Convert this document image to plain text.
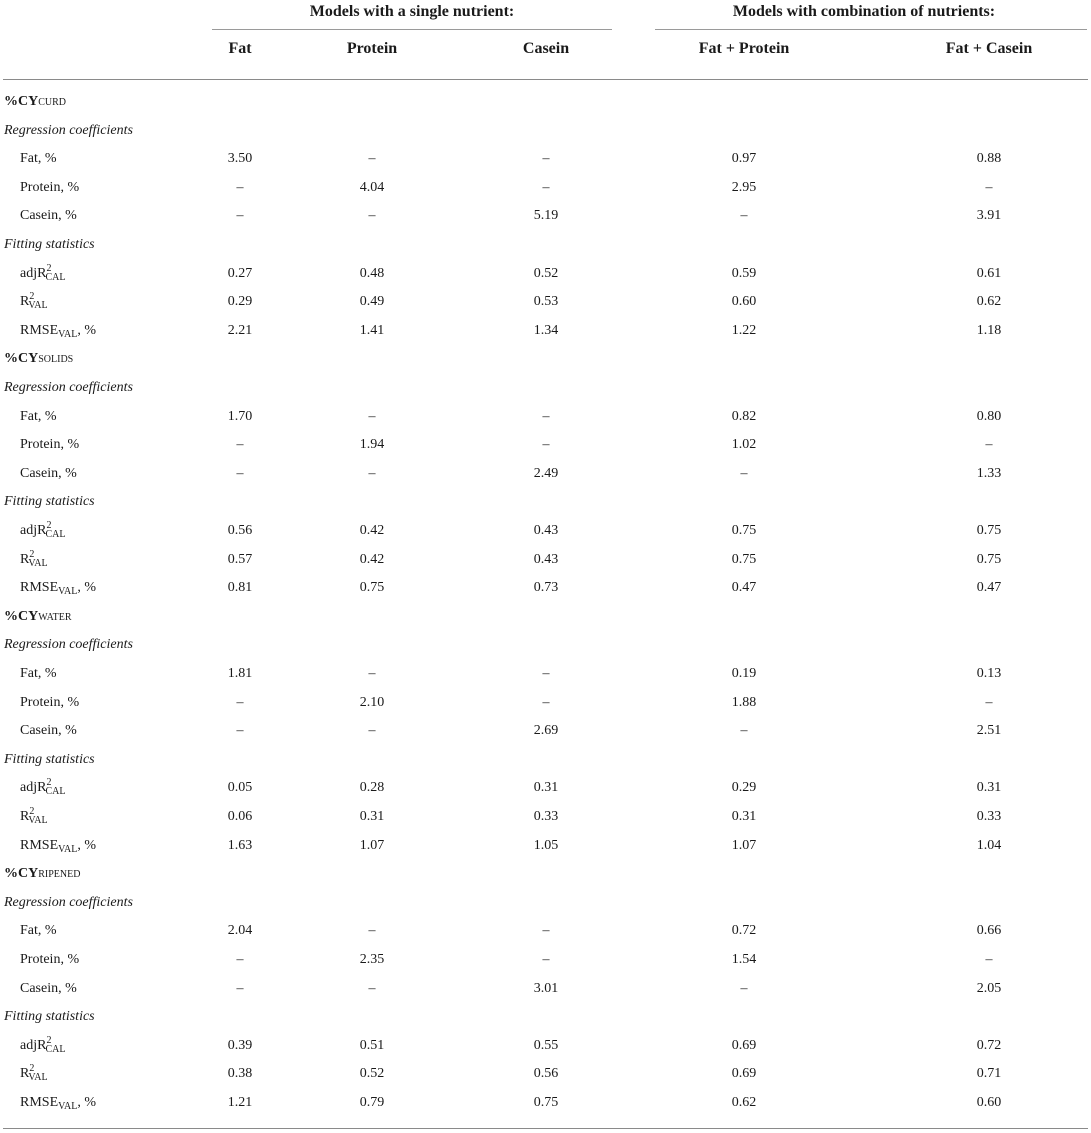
Models with a single nutrient:	Models with combination of nutrients:
Fat	Protein	Casein	Fat + Protein	Fat + Casein
%CYCURD
Regression coefficients
Fat, %	3.50	–	–	0.97	0.88
Protein, %	–	4.04	–	2.95	–
Casein, %	–	–	5.19	–	3.91
Fitting statistics
adjR$^2_{CAL}$	0.27	0.48	0.52	0.59	0.61
$R^2_{VAL}$	0.29	0.49	0.53	0.60	0.62
$RMSE_{VAL}$, %	2.21	1.41	1.34	1.22	1.18
%CYSOLIDS
Regression coefficients
Fat, %	1.70	–	–	0.82	0.80
Protein, %	–	1.94	–	1.02	–
Casein, %	–	–	2.49	–	1.33
Fitting statistics
adjR$^2_{CAL}$	0.56	0.42	0.43	0.75	0.75
$R^2_{VAL}$	0.57	0.42	0.43	0.75	0.75
$RMSE_{VAL}$, %	0.81	0.75	0.73	0.47	0.47
%CYWATER
Regression coefficients
Fat, %	1.81	–	–	0.19	0.13
Protein, %	–	2.10	–	1.88	–
Casein, %	–	–	2.69	–	2.51
Fitting statistics
adjR$^2_{CAL}$	0.05	0.28	0.31	0.29	0.31
$R^2_{VAL}$	0.06	0.31	0.33	0.31	0.33
$RMSE_{VAL}$, %	1.63	1.07	1.05	1.07	1.04
%CYRIPENED
Regression coefficients
Fat, %	2.04	–	–	0.72	0.66
Protein, %	–	2.35	–	1.54	–
Casein, %	–	–	3.01	–	2.05
Fitting statistics
adjR$^2_{CAL}$	0.39	0.51	0.55	0.69	0.72
$R^2_{VAL}$	0.38	0.52	0.56	0.69	0.71
$RMSE_{VAL}$, %	1.21	0.79	0.75	0.62	0.60
